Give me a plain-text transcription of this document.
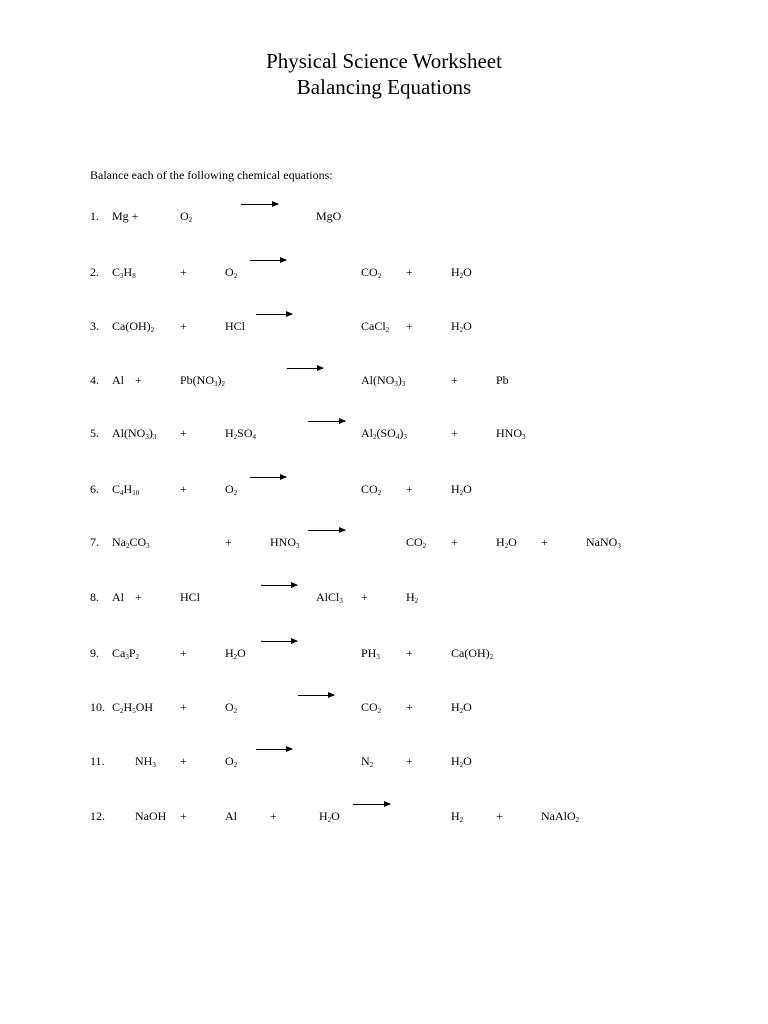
Physical Science Worksheet
Balancing Equations
Balance each of the following chemical equations:
1. Mg +	$O_2$	MgO
2. $C_3H_8$	+	$O_2$	$CO_2$ +	$H_2O$
3. $Ca(OH)_2$ +	HCl	CaCl$_2$ +	$H_2O$
4. Al +	$Pb(NO_3)_2$	$Al(NO_3)_3$	+	Pb
5. $Al(NO_3)_3$ +	$H_2SO_4$	$Al_2(SO_4)_3$	+	$HNO_3$
6. $C_4H_{10}$	+	$O_2$	$CO_2$ +	$H_2O$
7. $Na_2CO_3$	+	$HNO_3$	$CO_2$ +	$H_2O$ +	NaNO$_3$
8. Al +	HCl	AlCl$_3$ +	$H_2$
9. $Ca_3P_2$	+	$H_2O$	$PH_3$ +	$Ca(OH)_2$
10. $C_2H_5OH$ +	$O_2$	$CO_2$ +	$H_2O$
11.	$NH_3$ +	$O_2$	$N_2$	+	$H_2O$
12.	NaOH +	Al	+	$H_2O$	$H_2$	+	NaAlO$_2$
